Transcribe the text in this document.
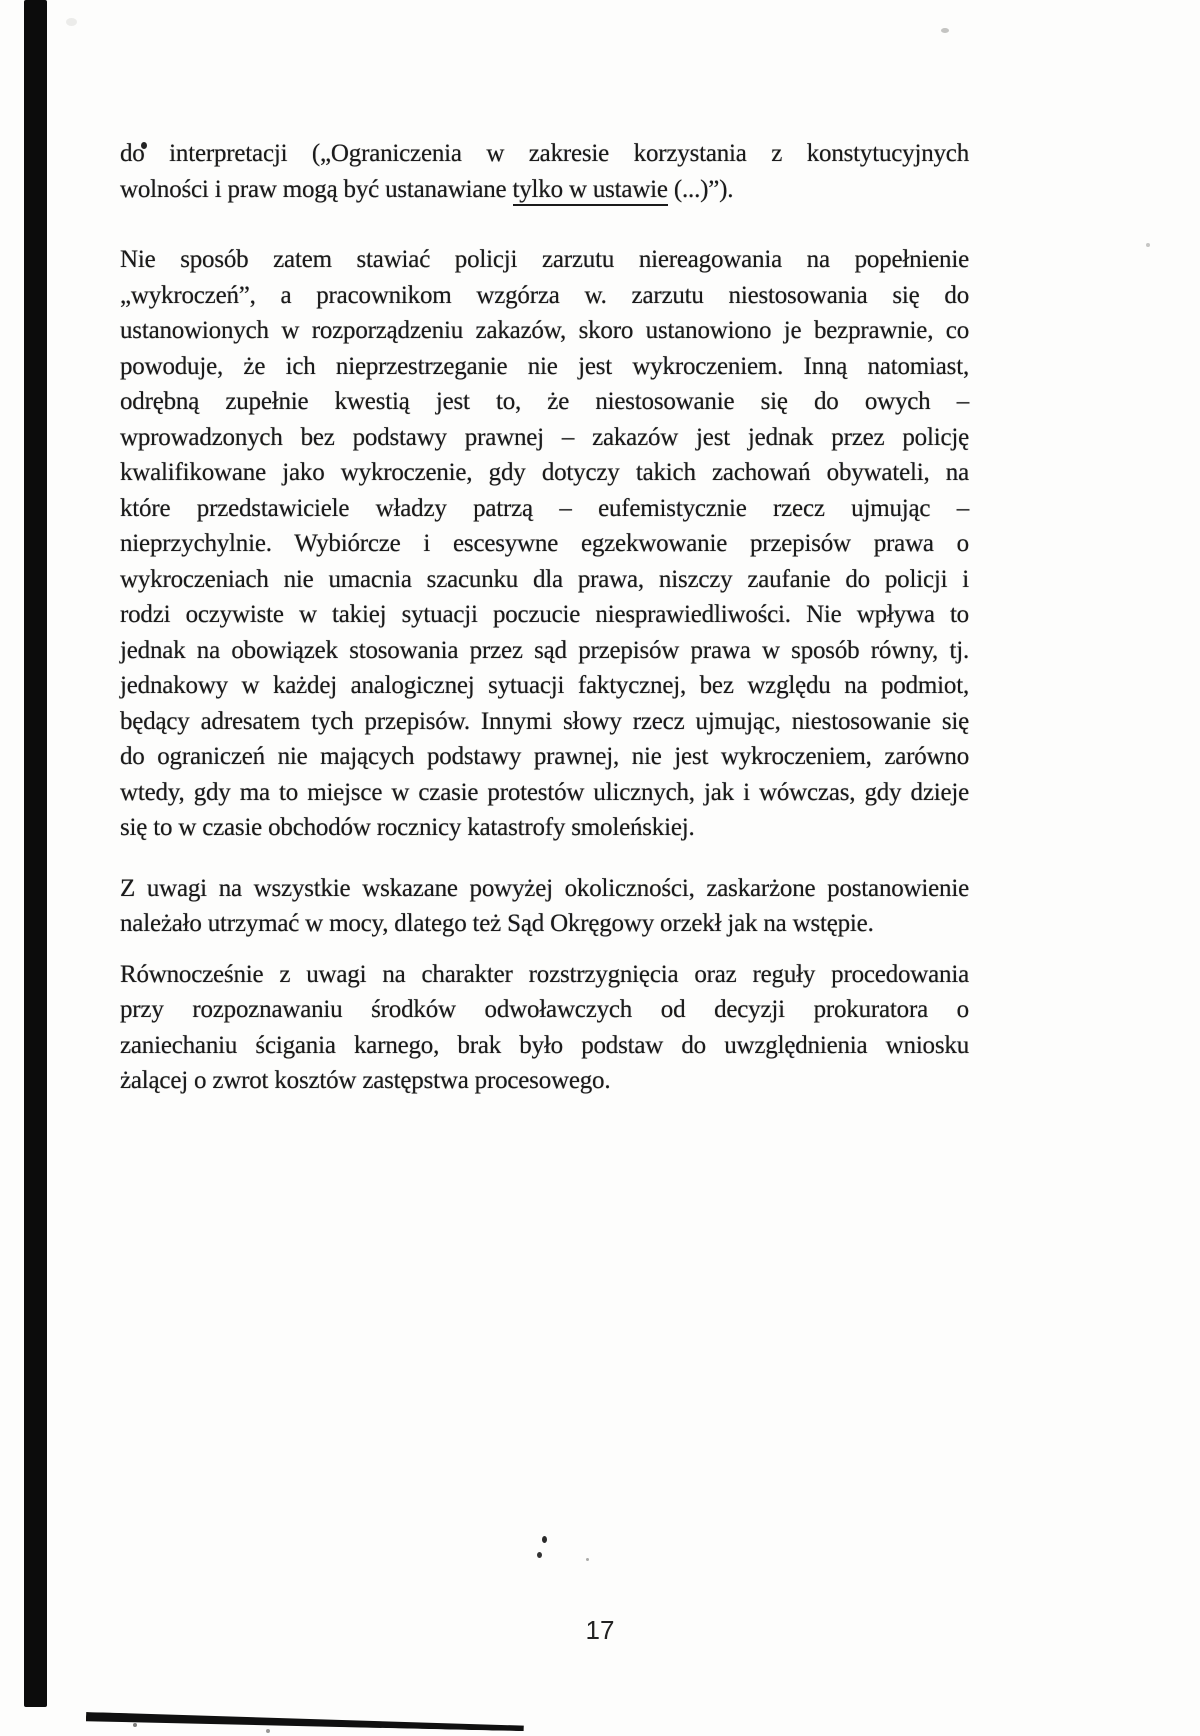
do interpretacji („Ograniczenia w zakresie korzystania z konstytucyjnych
wolności i praw mogą być ustanawiane tylko w ustawie (...)”).
Nie sposób zatem stawiać policji zarzutu niereagowania na popełnienie
„wykroczeń”, a pracownikom wzgórza w. zarzutu niestosowania się do
ustanowionych w rozporządzeniu zakazów, skoro ustanowiono je bezprawnie, co
powoduje, że ich nieprzestrzeganie nie jest wykroczeniem. Inną natomiast,
odrębną zupełnie kwestią jest to, że niestosowanie się do owych –
wprowadzonych bez podstawy prawnej – zakazów jest jednak przez policję
kwalifikowane jako wykroczenie, gdy dotyczy takich zachowań obywateli, na
które przedstawiciele władzy patrzą – eufemistycznie rzecz ujmując –
nieprzychylnie. Wybiórcze i escesywne egzekwowanie przepisów prawa o
wykroczeniach nie umacnia szacunku dla prawa, niszczy zaufanie do policji i
rodzi oczywiste w takiej sytuacji poczucie niesprawiedliwości. Nie wpływa to
jednak na obowiązek stosowania przez sąd przepisów prawa w sposób równy, tj.
jednakowy w każdej analogicznej sytuacji faktycznej, bez względu na podmiot,
będący adresatem tych przepisów. Innymi słowy rzecz ujmując, niestosowanie się
do ograniczeń nie mających podstawy prawnej, nie jest wykroczeniem, zarówno
wtedy, gdy ma to miejsce w czasie protestów ulicznych, jak i wówczas, gdy dzieje
się to w czasie obchodów rocznicy katastrofy smoleńskiej.
Z uwagi na wszystkie wskazane powyżej okoliczności, zaskarżone postanowienie
należało utrzymać w mocy, dlatego też Sąd Okręgowy orzekł jak na wstępie.
Równocześnie z uwagi na charakter rozstrzygnięcia oraz reguły procedowania
przy rozpoznawaniu środków odwoławczych od decyzji prokuratora o
zaniechaniu ścigania karnego, brak było podstaw do uwzględnienia wniosku
żalącej o zwrot kosztów zastępstwa procesowego.
17
